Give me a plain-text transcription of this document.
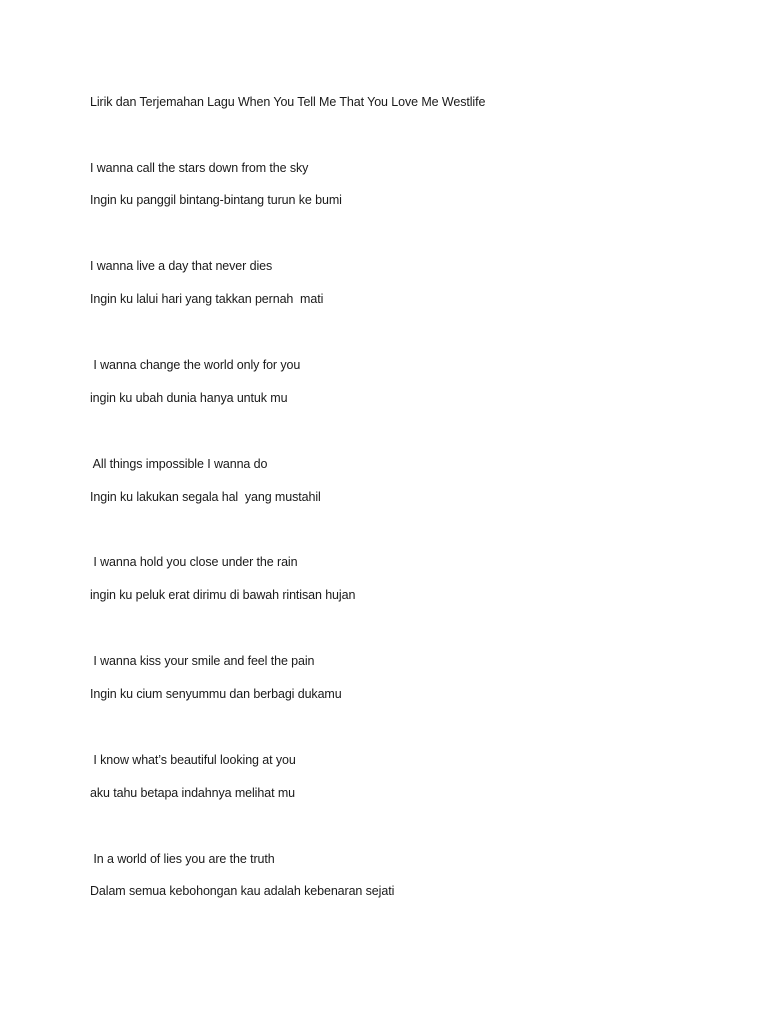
Lirik dan Terjemahan Lagu When You Tell Me That You Love Me Westlife
I wanna call the stars down from the sky
Ingin ku panggil bintang-bintang turun ke bumi
I wanna live a day that never dies
Ingin ku lalui hari yang takkan pernah  mati
I wanna change the world only for you
ingin ku ubah dunia hanya untuk mu
All things impossible I wanna do
Ingin ku lakukan segala hal  yang mustahil
I wanna hold you close under the rain
ingin ku peluk erat dirimu di bawah rintisan hujan
I wanna kiss your smile and feel the pain
Ingin ku cium senyummu dan berbagi dukamu
I know what’s beautiful looking at you
aku tahu betapa indahnya melihat mu
In a world of lies you are the truth
Dalam semua kebohongan kau adalah kebenaran sejati
